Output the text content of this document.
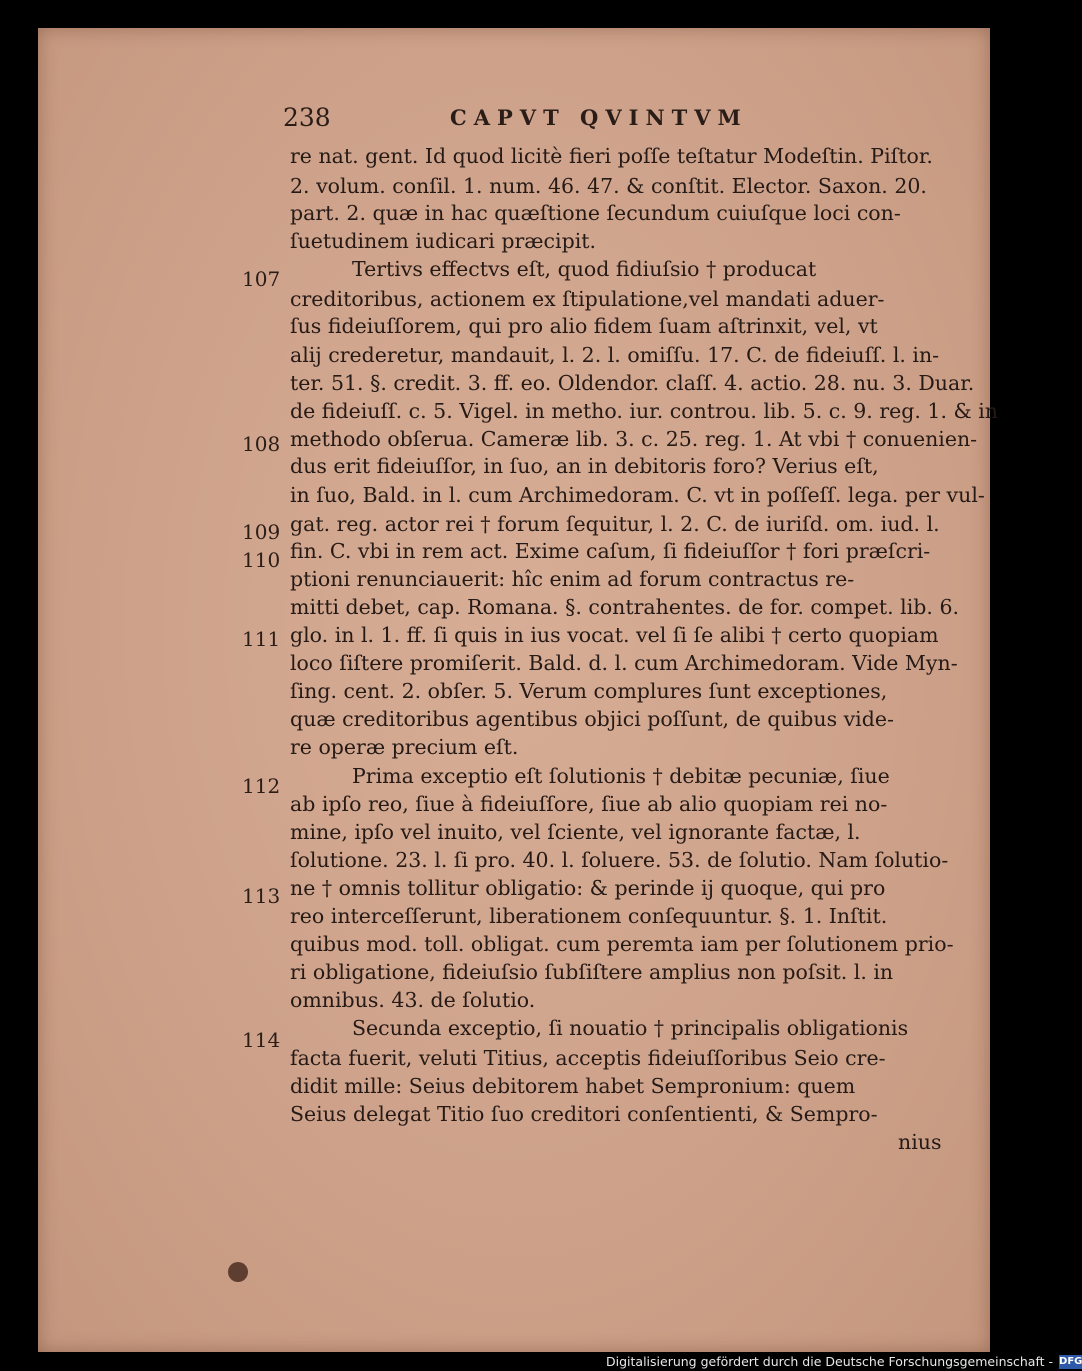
238	CAPVT QVINTVM
re nat. gent. Id quod licitè fieri poſſe teſtatur Modeſtin. Piſtor.
2. volum. conſil. 1. num. 46. 47. & conſtit. Elector. Saxon. 20.
part. 2. quæ in hac quæſtione ſecundum cuiuſque loci con-
ſuetudinem iudicari præcipit.
Tertivs effectvs eſt, quod fidiuſsio † producat
creditoribus, actionem ex ſtipulatione,vel mandati aduer-
ſus fideiuſſorem, qui pro alio fidem ſuam aſtrinxit, vel, vt
alij crederetur, mandauit, l. 2. l. omiſſu. 17. C. de fideiuſſ. l. in-
ter. 51. §. credit. 3. ff. eo. Oldendor. claſſ. 4. actio. 28. nu. 3. Duar.
de fideiuſſ. c. 5. Vigel. in metho. iur. controu. lib. 5. c. 9. reg. 1. & in
methodo obſerua. Cameræ lib. 3. c. 25. reg. 1. At vbi † conuenien-
dus erit fideiuſſor, in ſuo, an in debitoris foro? Verius eſt,
in ſuo, Bald. in l. cum Archimedoram. C. vt in poſſeſſ. lega. per vul-
gat. reg. actor rei † forum ſequitur, l. 2. C. de iuriſd. om. iud. l.
fin. C. vbi in rem act. Exime caſum, ſi fideiuſſor † fori præſcri-
ptioni renunciauerit: hîc enim ad forum contractus re-
mitti debet, cap. Romana. §. contrahentes. de for. compet. lib. 6.
glo. in l. 1. ff. ſi quis in ius vocat. vel ſi ſe alibi † certo quopiam
loco ſiſtere promiſerit. Bald. d. l. cum Archimedoram. Vide Myn-
ſing. cent. 2. obſer. 5. Verum complures ſunt exceptiones,
quæ creditoribus agentibus objici poſſunt, de quibus vide-
re operæ precium eſt.
Prima exceptio eſt ſolutionis † debitæ pecuniæ, ſiue
ab ipſo reo, ſiue à fideiuſſore, ſiue ab alio quopiam rei no-
mine, ipſo vel inuito, vel ſciente, vel ignorante factæ, l.
ſolutione. 23. l. ſi pro. 40. l. ſoluere. 53. de ſolutio. Nam ſolutio-
ne † omnis tollitur obligatio: & perinde ij quoque, qui pro
reo interceſſerunt, liberationem conſequuntur. §. 1. Inſtit.
quibus mod. toll. obligat. cum peremta iam per ſolutionem prio-
ri obligatione, fideiuſsio ſubſiſtere amplius non poſsit. l. in
omnibus. 43. de ſolutio.
Secunda exceptio, ſi nouatio † principalis obligationis
facta fuerit, veluti Titius, acceptis fideiuſſoribus Seio cre-
didit mille: Seius debitorem habet Sempronium: quem
Seius delegat Titio ſuo creditori conſentienti, & Sempro-
nius
107
108
109
110
111
112
113
114
Digitalisierung gefördert durch die Deutsche Forschungsgemeinschaft - DFG
